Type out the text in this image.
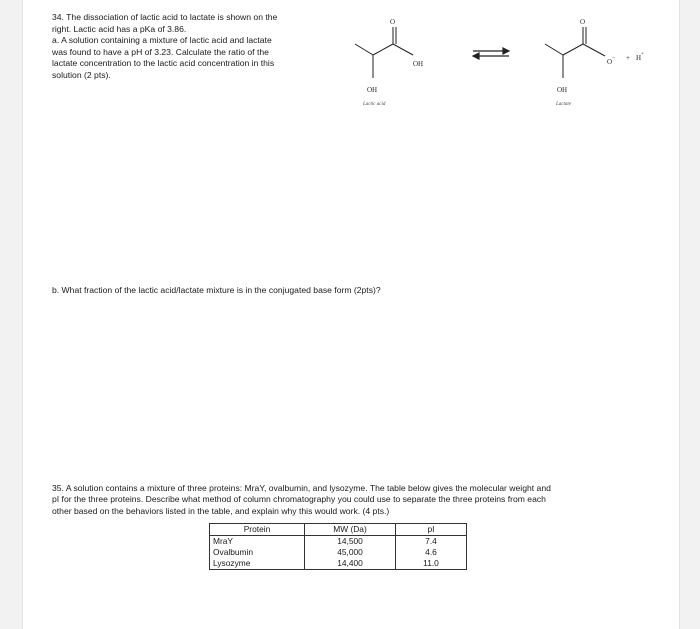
34. The dissociation of lactic acid to lactate is shown on the

right. Lactic acid has a pKa of 3.86.

a. A solution containing a mixture of lactic acid and lactate

was found to have a pH of 3.23. Calculate the ratio of the

lactate concentration to the lactic acid concentration in this

solution (2 pts).

O
OH
OH
Lactic acid
O
O − + H +
OH
Lactate
b. What fraction of the lactic acid/lactate mixture is in the conjugated base form (2pts)?

35. A solution contains a mixture of three proteins: MraY, ovalbumin, and lysozyme. The table below gives the molecular weight and

pI for the three proteins. Describe what method of column chromatography you could use to separate the three proteins from each

other based on the behaviors listed in the table, and explain why this would work. (4 pts.)

Protein	MW (Da)	pI
MraY	14,500	7.4
Ovalbumin	45,000	4.6
Lysozyme	14,400	11.0
